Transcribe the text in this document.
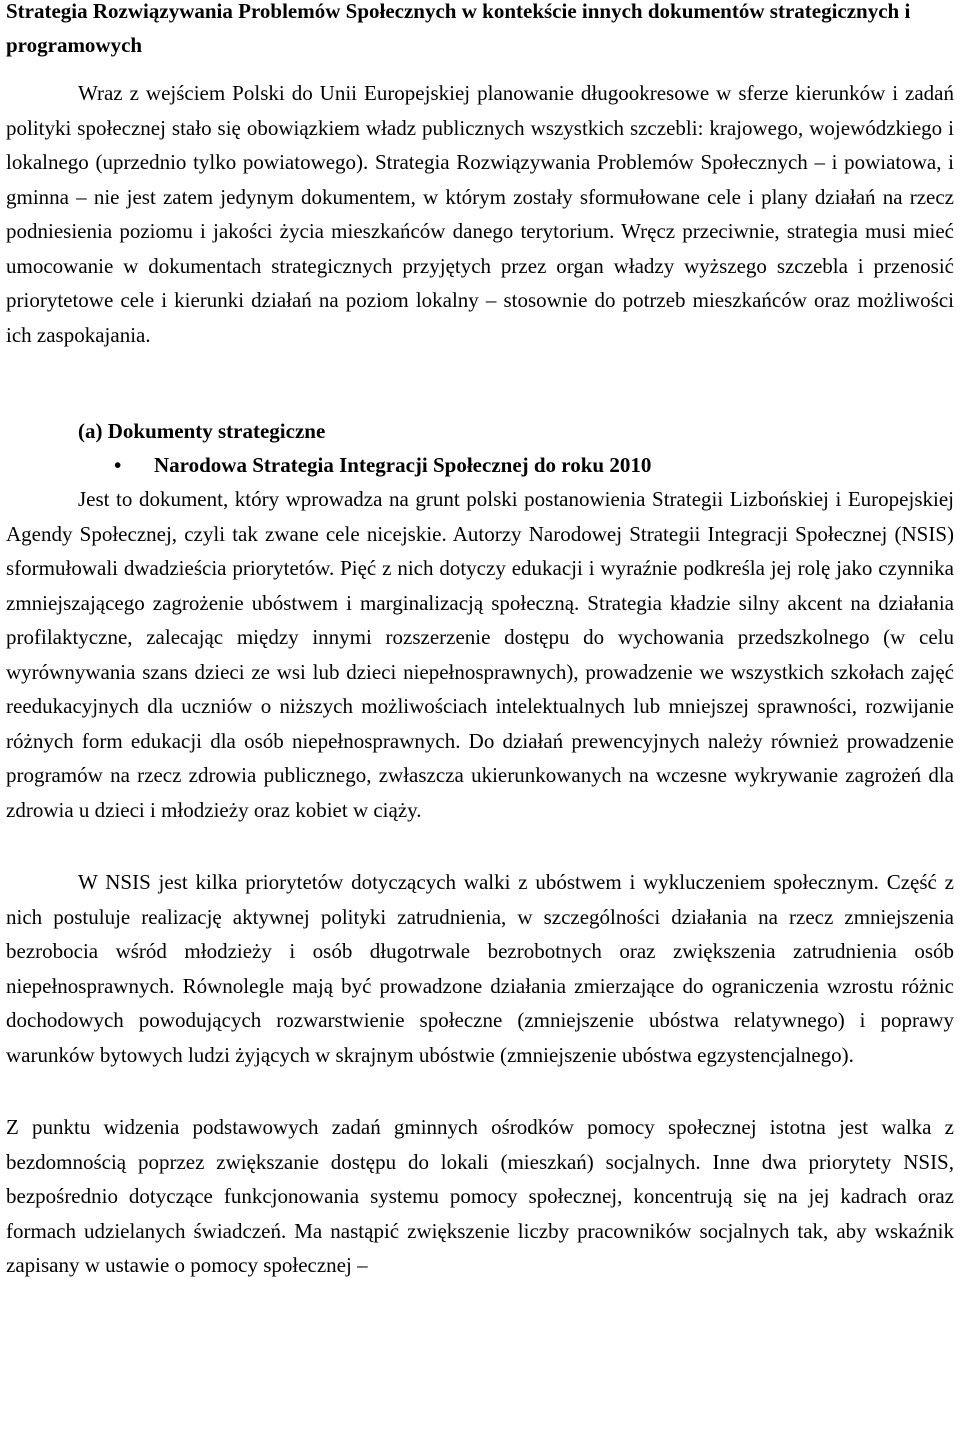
Strategia Rozwiązywania Problemów Społecznych w kontekście innych dokumentów strategicznych i programowych

Wraz z wejściem Polski do Unii Europejskiej planowanie długookresowe w sferze kierunków i zadań polityki społecznej stało się obowiązkiem władz publicznych wszystkich szczebli: krajowego, wojewódzkiego i lokalnego (uprzednio tylko powiatowego). Strategia Rozwiązywania Problemów Społecznych – i powiatowa, i gminna – nie jest zatem jedynym dokumentem, w którym zostały sformułowane cele i plany działań na rzecz podniesienia poziomu i jakości życia mieszkańców danego terytorium. Wręcz przeciwnie, strategia musi mieć umocowanie w dokumentach strategicznych przyjętych przez organ władzy wyższego szczebla i przenosić priorytetowe cele i kierunki działań na poziom lokalny – stosownie do potrzeb mieszkańców oraz możliwości ich zaspokajania.

(a) Dokumenty strategiczne
• Narodowa Strategia Integracji Społecznej do roku 2010

Jest to dokument, który wprowadza na grunt polski postanowienia Strategii Lizbońskiej i Europejskiej Agendy Społecznej, czyli tak zwane cele nicejskie. Autorzy Narodowej Strategii Integracji Społecznej (NSIS) sformułowali dwadzieścia priorytetów. Pięć z nich dotyczy edukacji i wyraźnie podkreśla jej rolę jako czynnika zmniejszającego zagrożenie ubóstwem i marginalizacją społeczną. Strategia kładzie silny akcent na działania profilaktyczne, zalecając między innymi rozszerzenie dostępu do wychowania przedszkolnego (w celu wyrównywania szans dzieci ze wsi lub dzieci niepełnosprawnych), prowadzenie we wszystkich szkołach zajęć reedukacyjnych dla uczniów o niższych możliwościach intelektualnych lub mniejszej sprawności, rozwijanie różnych form edukacji dla osób niepełnosprawnych. Do działań prewencyjnych należy również prowadzenie programów na rzecz zdrowia publicznego, zwłaszcza ukierunkowanych na wczesne wykrywanie zagrożeń dla zdrowia u dzieci i młodzieży oraz kobiet w ciąży.

W NSIS jest kilka priorytetów dotyczących walki z ubóstwem i wykluczeniem społecznym. Część z nich postuluje realizację aktywnej polityki zatrudnienia, w szczególności działania na rzecz zmniejszenia bezrobocia wśród młodzieży i osób długotrwale bezrobotnych oraz zwiększenia zatrudnienia osób niepełnosprawnych. Równolegle mają być prowadzone działania zmierzające do ograniczenia wzrostu różnic dochodowych powodujących rozwarstwienie społeczne (zmniejszenie ubóstwa relatywnego) i poprawy warunków bytowych ludzi żyjących w skrajnym ubóstwie (zmniejszenie ubóstwa egzystencjalnego).

Z punktu widzenia podstawowych zadań gminnych ośrodków pomocy społecznej istotna jest walka z bezdomnością poprzez zwiększanie dostępu do lokali (mieszkań) socjalnych. Inne dwa priorytety NSIS, bezpośrednio dotyczące funkcjonowania systemu pomocy społecznej, koncentrują się na jej kadrach oraz formach udzielanych świadczeń. Ma nastąpić zwiększenie liczby pracowników socjalnych tak, aby wskaźnik zapisany w ustawie o pomocy społecznej –
